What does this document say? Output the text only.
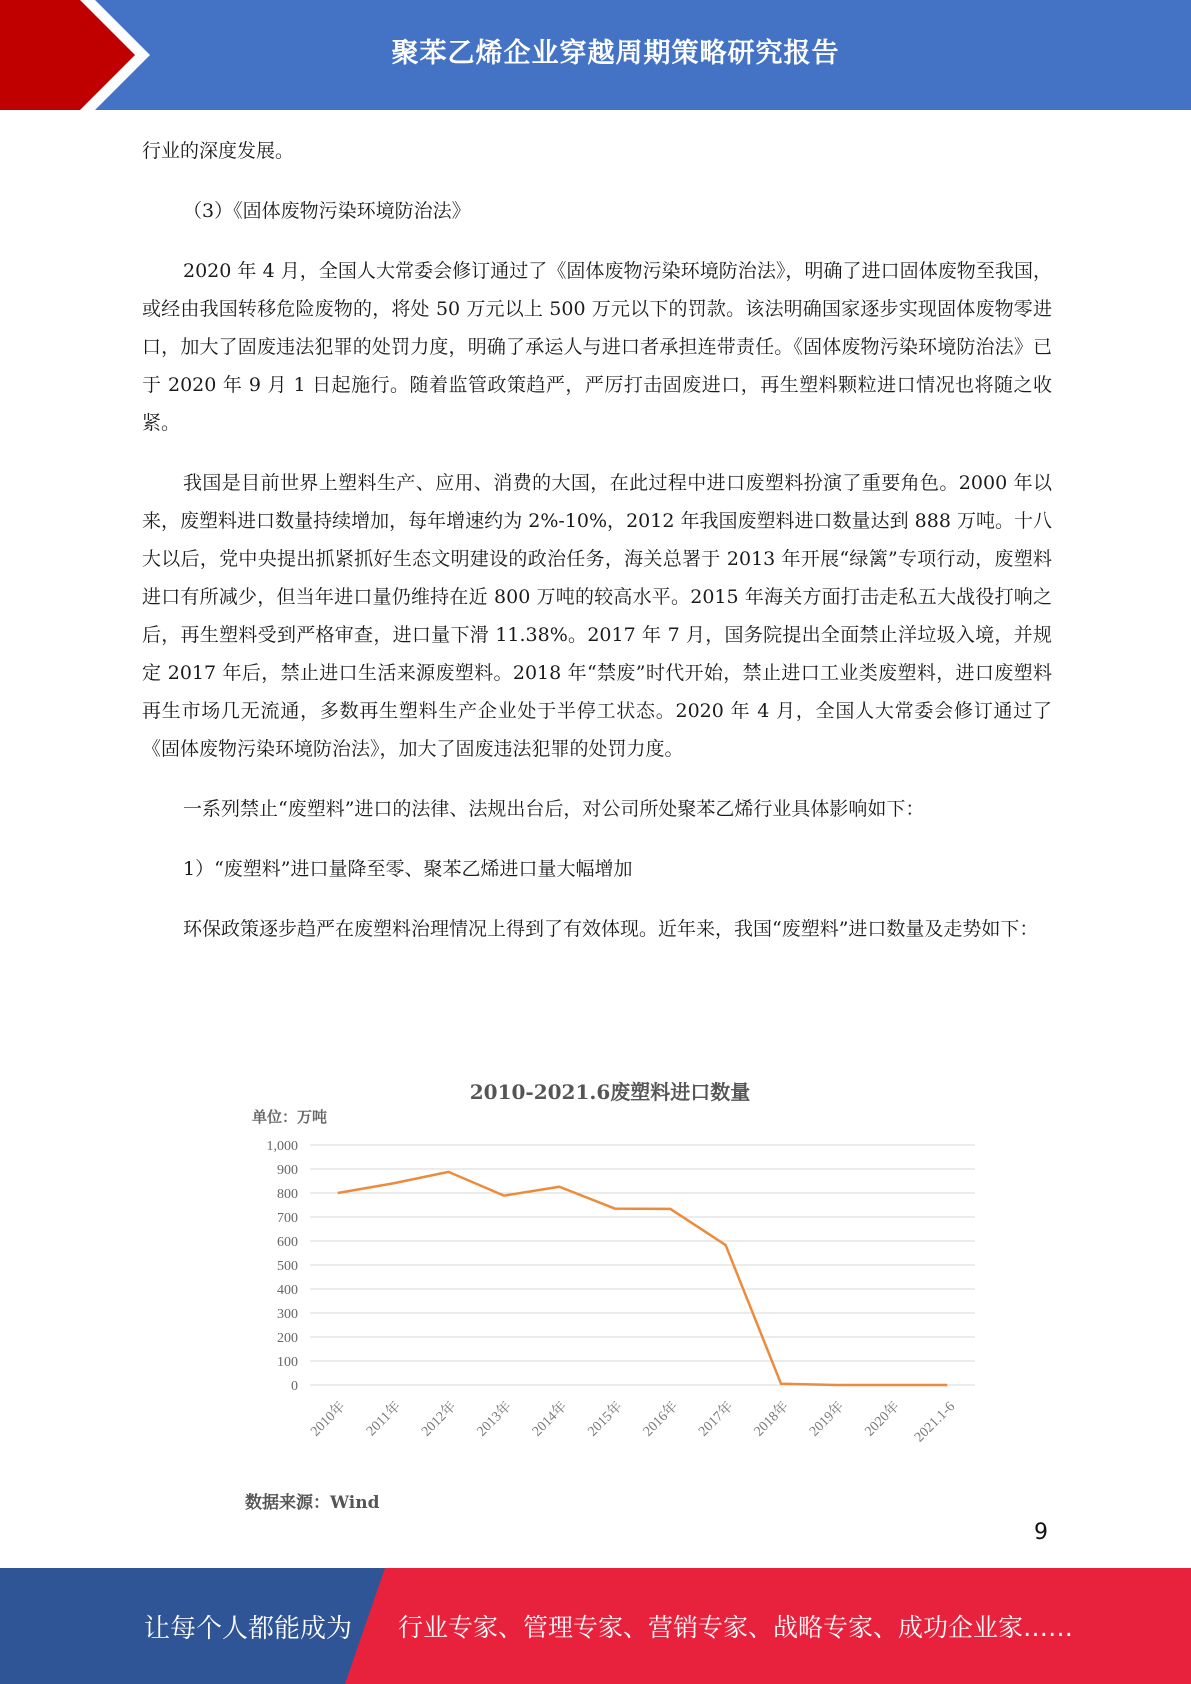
聚苯乙烯企业穿越周期策略研究报告

行业的深度发展。

（3）《固体废物污染环境防治法》

2020 年 4 月，全国人大常委会修订通过了《固体废物污染环境防治法》，明确了进口固体废物至我国，或经由我国转移危险废物的，将处 50 万元以上 500 万元以下的罚款。该法明确国家逐步实现固体废物零进口，加大了固废违法犯罪的处罚力度，明确了承运人与进口者承担连带责任。《固体废物污染环境防治法》已于 2020 年 9 月 1 日起施行。随着监管政策趋严，严厉打击固废进口，再生塑料颗粒进口情况也将随之收紧。

我国是目前世界上塑料生产、应用、消费的大国，在此过程中进口废塑料扮演了重要角色。2000 年以来，废塑料进口数量持续增加，每年增速约为 2%-10%，2012 年我国废塑料进口数量达到 888 万吨。十八大以后，党中央提出抓紧抓好生态文明建设的政治任务，海关总署于 2013 年开展“绿篱”专项行动，废塑料进口有所减少，但当年进口量仍维持在近 800 万吨的较高水平。2015 年海关方面打击走私五大战役打响之后，再生塑料受到严格审查，进口量下滑 11.38%。2017 年 7 月，国务院提出全面禁止洋垃圾入境，并规定 2017 年后，禁止进口生活来源废塑料。2018 年“禁废”时代开始，禁止进口工业类废塑料，进口废塑料再生市场几无流通，多数再生塑料生产企业处于半停工状态。2020 年 4 月，全国人大常委会修订通过了《固体废物污染环境防治法》，加大了固废违法犯罪的处罚力度。

一系列禁止“废塑料”进口的法律、法规出台后，对公司所处聚苯乙烯行业具体影响如下：

1）“废塑料”进口量降至零、聚苯乙烯进口量大幅增加

环保政策逐步趋严在废塑料治理情况上得到了有效体现。近年来，我国“废塑料”进口数量及走势如下：

2010-2021.6废塑料进口数量
单位：万吨
0
100
200
300
400
500
600
700
800
900
1,000
2010年 2011年 2012年 2013年 2014年 2015年 2016年 2017年 2018年 2019年 2020年 2021.1-6
数据来源：Wind
9
让每个人都能成为 行业专家、管理专家、营销专家、战略专家、成功企业家……
